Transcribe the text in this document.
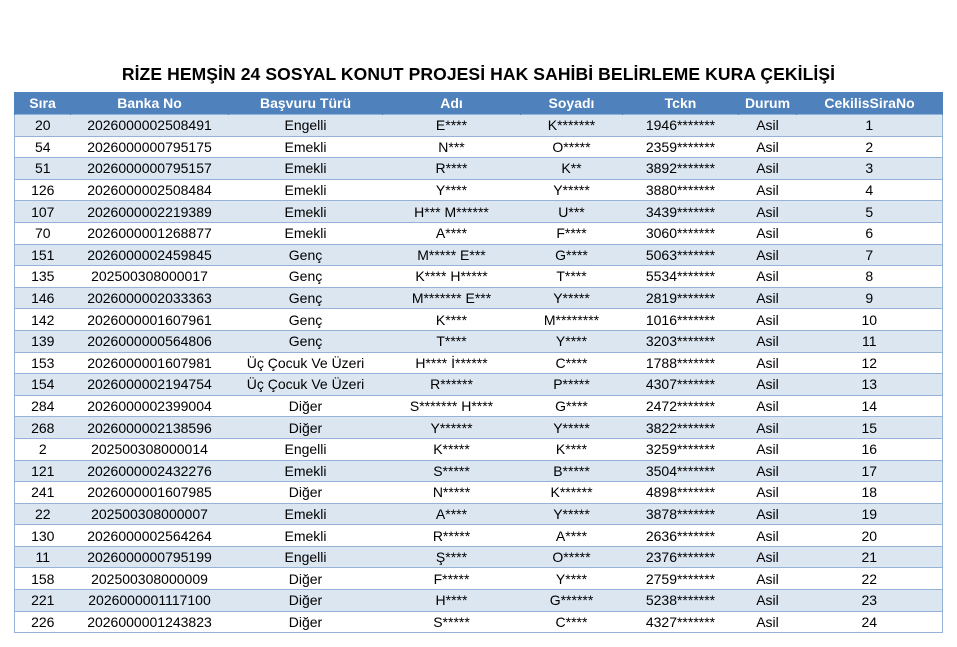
RİZE HEMŞİN 24 SOSYAL KONUT PROJESİ HAK SAHİBİ BELİRLEME KURA ÇEKİLİŞİ
Sıra	Banka No	Başvuru Türü	Adı	Soyadı	Tckn	Durum	CekilisSiraNo
20	2026000002508491	Engelli	E****	K*******	1946*******	Asil	1
54	2026000000795175	Emekli	N***	O*****	2359*******	Asil	2
51	2026000000795157	Emekli	R****	K**	3892*******	Asil	3
126	2026000002508484	Emekli	Y****	Y*****	3880*******	Asil	4
107	2026000002219389	Emekli	H*** M******	U***	3439*******	Asil	5
70	2026000001268877	Emekli	A****	F****	3060*******	Asil	6
151	2026000002459845	Genç	M***** E***	G****	5063*******	Asil	7
135	202500308000017	Genç	K**** H*****	T****	5534*******	Asil	8
146	2026000002033363	Genç	M******* E***	Y*****	2819*******	Asil	9
142	2026000001607961	Genç	K****	M********	1016*******	Asil	10
139	2026000000564806	Genç	T****	Y****	3203*******	Asil	11
153	2026000001607981	Üç Çocuk Ve Üzeri	H**** İ******	C****	1788*******	Asil	12
154	2026000002194754	Üç Çocuk Ve Üzeri	R******	P*****	4307*******	Asil	13
284	2026000002399004	Diğer	S******* H****	G****	2472*******	Asil	14
268	2026000002138596	Diğer	Y******	Y*****	3822*******	Asil	15
2	202500308000014	Engelli	K*****	K****	3259*******	Asil	16
121	2026000002432276	Emekli	S*****	B*****	3504*******	Asil	17
241	2026000001607985	Diğer	N*****	K******	4898*******	Asil	18
22	202500308000007	Emekli	A****	Y*****	3878*******	Asil	19
130	2026000002564264	Emekli	R*****	A****	2636*******	Asil	20
11	2026000000795199	Engelli	Ş****	O*****	2376*******	Asil	21
158	202500308000009	Diğer	F*****	Y****	2759*******	Asil	22
221	2026000001117100	Diğer	H****	G******	5238*******	Asil	23
226	2026000001243823	Diğer	S*****	C****	4327*******	Asil	24
